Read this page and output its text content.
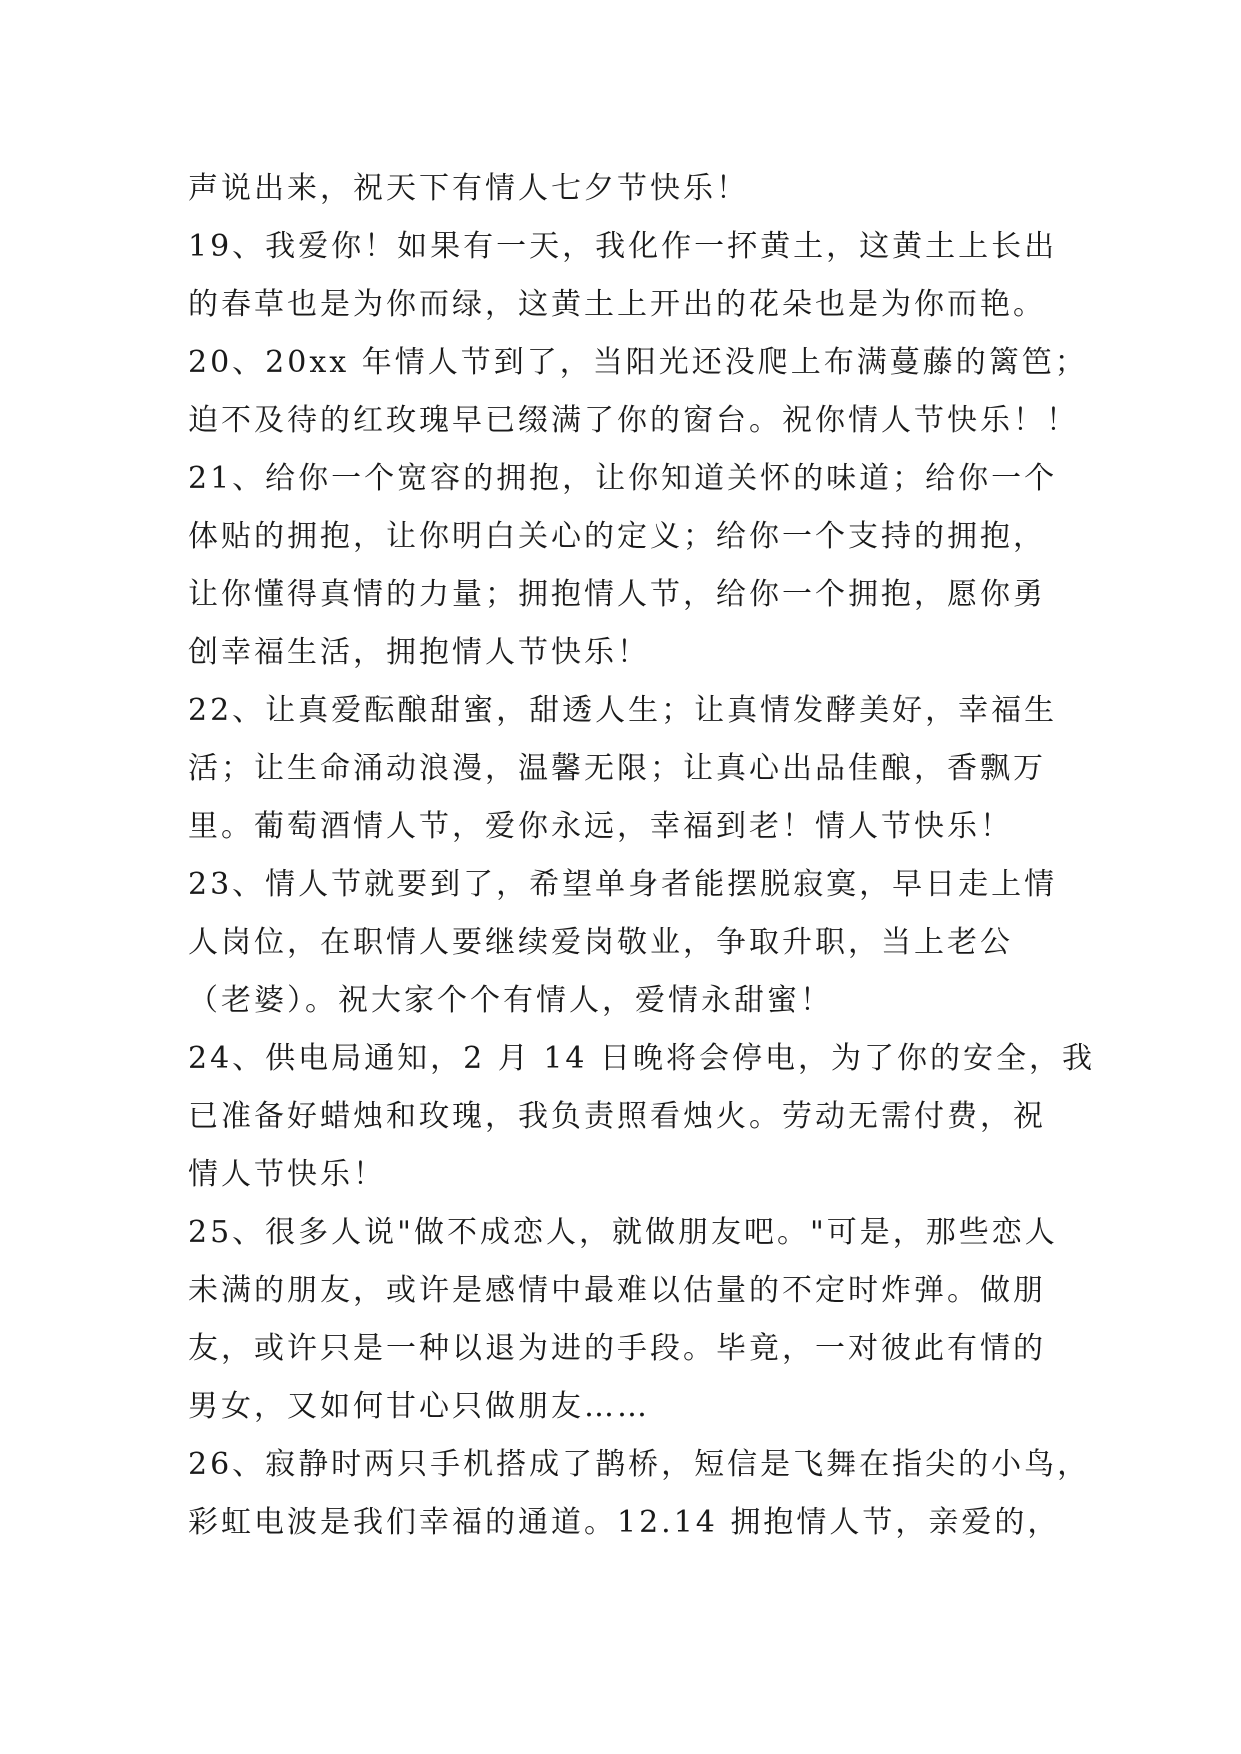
声说出来，祝天下有情人七夕节快乐！
19、我爱你！如果有一天，我化作一抔黄土，这黄土上长出
的春草也是为你而绿，这黄土上开出的花朵也是为你而艳。
20、20xx 年情人节到了，当阳光还没爬上布满蔓藤的篱笆；
迫不及待的红玫瑰早已缀满了你的窗台。祝你情人节快乐！！
21、给你一个宽容的拥抱，让你知道关怀的味道；给你一个
体贴的拥抱，让你明白关心的定义；给你一个支持的拥抱，
让你懂得真情的力量；拥抱情人节，给你一个拥抱，愿你勇
创幸福生活，拥抱情人节快乐！
22、让真爱酝酿甜蜜，甜透人生；让真情发酵美好，幸福生
活；让生命涌动浪漫，温馨无限；让真心出品佳酿，香飘万
里。葡萄酒情人节，爱你永远，幸福到老！情人节快乐！
23、情人节就要到了，希望单身者能摆脱寂寞，早日走上情
人岗位，在职情人要继续爱岗敬业，争取升职，当上老公
（老婆）。祝大家个个有情人，爱情永甜蜜！
24、供电局通知，2 月 14 日晚将会停电，为了你的安全，我
已准备好蜡烛和玫瑰，我负责照看烛火。劳动无需付费，祝
情人节快乐！
25、很多人说"做不成恋人，就做朋友吧。"可是，那些恋人
未满的朋友，或许是感情中最难以估量的不定时炸弹。做朋
友，或许只是一种以退为进的手段。毕竟，一对彼此有情的
男女，又如何甘心只做朋友……
26、寂静时两只手机搭成了鹊桥，短信是飞舞在指尖的小鸟，
彩虹电波是我们幸福的通道。12.14 拥抱情人节，亲爱的，
